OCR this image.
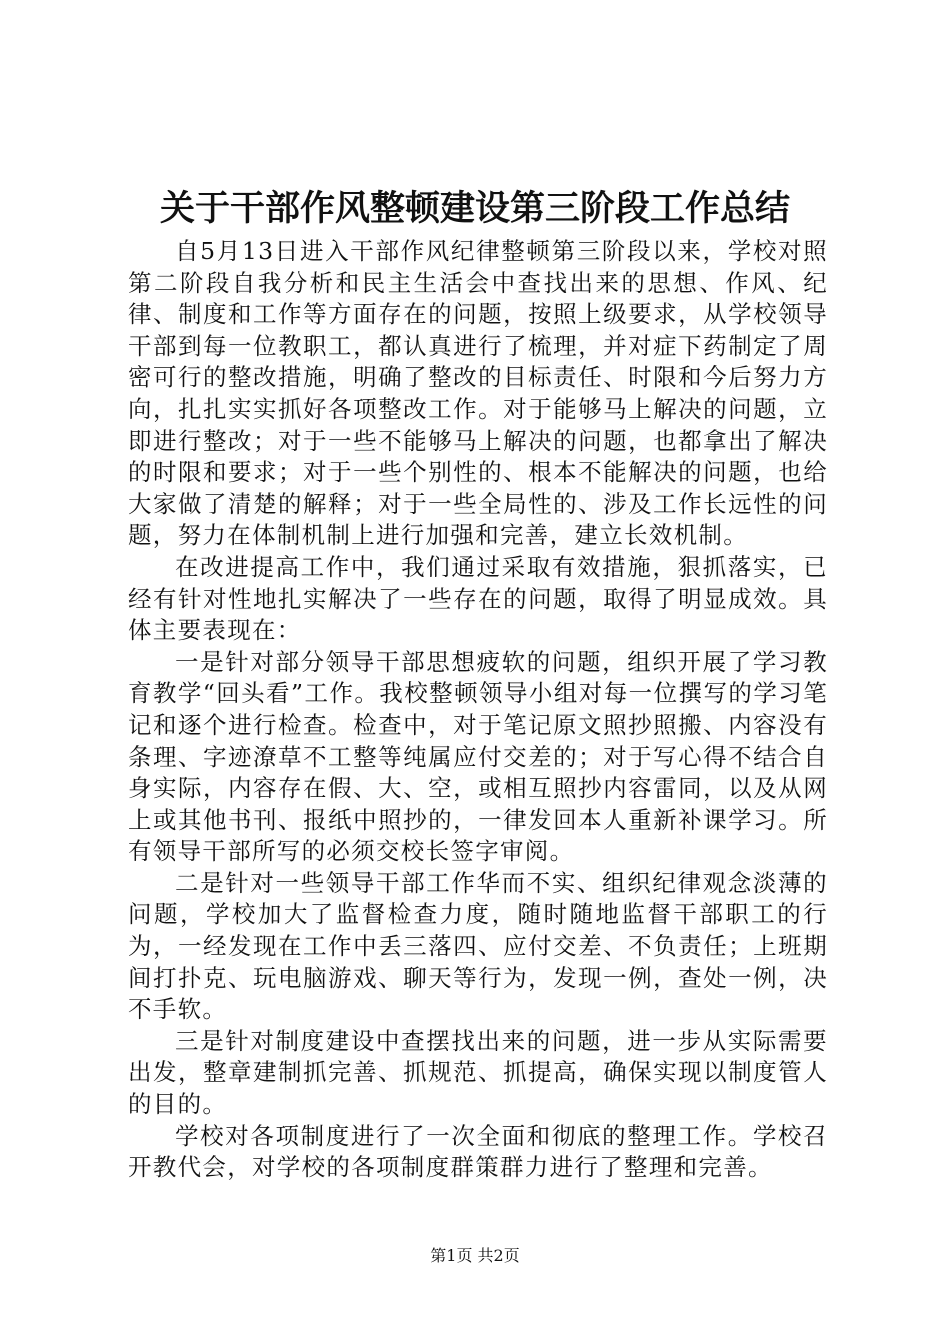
关于干部作风整顿建设第三阶段工作总结

自5月13日进入干部作风纪律整顿第三阶段以来，学校对照第二阶段自我分析和民主生活会中查找出来的思想、作风、纪律、制度和工作等方面存在的问题，按照上级要求，从学校领导干部到每一位教职工，都认真进行了梳理，并对症下药制定了周密可行的整改措施，明确了整改的目标责任、时限和今后努力方向，扎扎实实抓好各项整改工作。对于能够马上解决的问题，立即进行整改；对于一些不能够马上解决的问题，也都拿出了解决的时限和要求；对于一些个别性的、根本不能解决的问题，也给大家做了清楚的解释；对于一些全局性的、涉及工作长远性的问题，努力在体制机制上进行加强和完善，建立长效机制。

在改进提高工作中，我们通过采取有效措施，狠抓落实，已经有针对性地扎实解决了一些存在的问题，取得了明显成效。具体主要表现在：

一是针对部分领导干部思想疲软的问题，组织开展了学习教育教学“回头看”工作。我校整顿领导小组对每一位撰写的学习笔记和逐个进行检查。检查中，对于笔记原文照抄照搬、内容没有条理、字迹潦草不工整等纯属应付交差的；对于写心得不结合自身实际，内容存在假、大、空，或相互照抄内容雷同，以及从网上或其他书刊、报纸中照抄的，一律发回本人重新补课学习。所有领导干部所写的必须交校长签字审阅。

二是针对一些领导干部工作华而不实、组织纪律观念淡薄的问题，学校加大了监督检查力度，随时随地监督干部职工的行为，一经发现在工作中丢三落四、应付交差、不负责任；上班期间打扑克、玩电脑游戏、聊天等行为，发现一例，查处一例，决不手软。

三是针对制度建设中查摆找出来的问题，进一步从实际需要出发，整章建制抓完善、抓规范、抓提高，确保实现以制度管人的目的。

学校对各项制度进行了一次全面和彻底的整理工作。学校召开教代会，对学校的各项制度群策群力进行了整理和完善。

第1页 共2页
